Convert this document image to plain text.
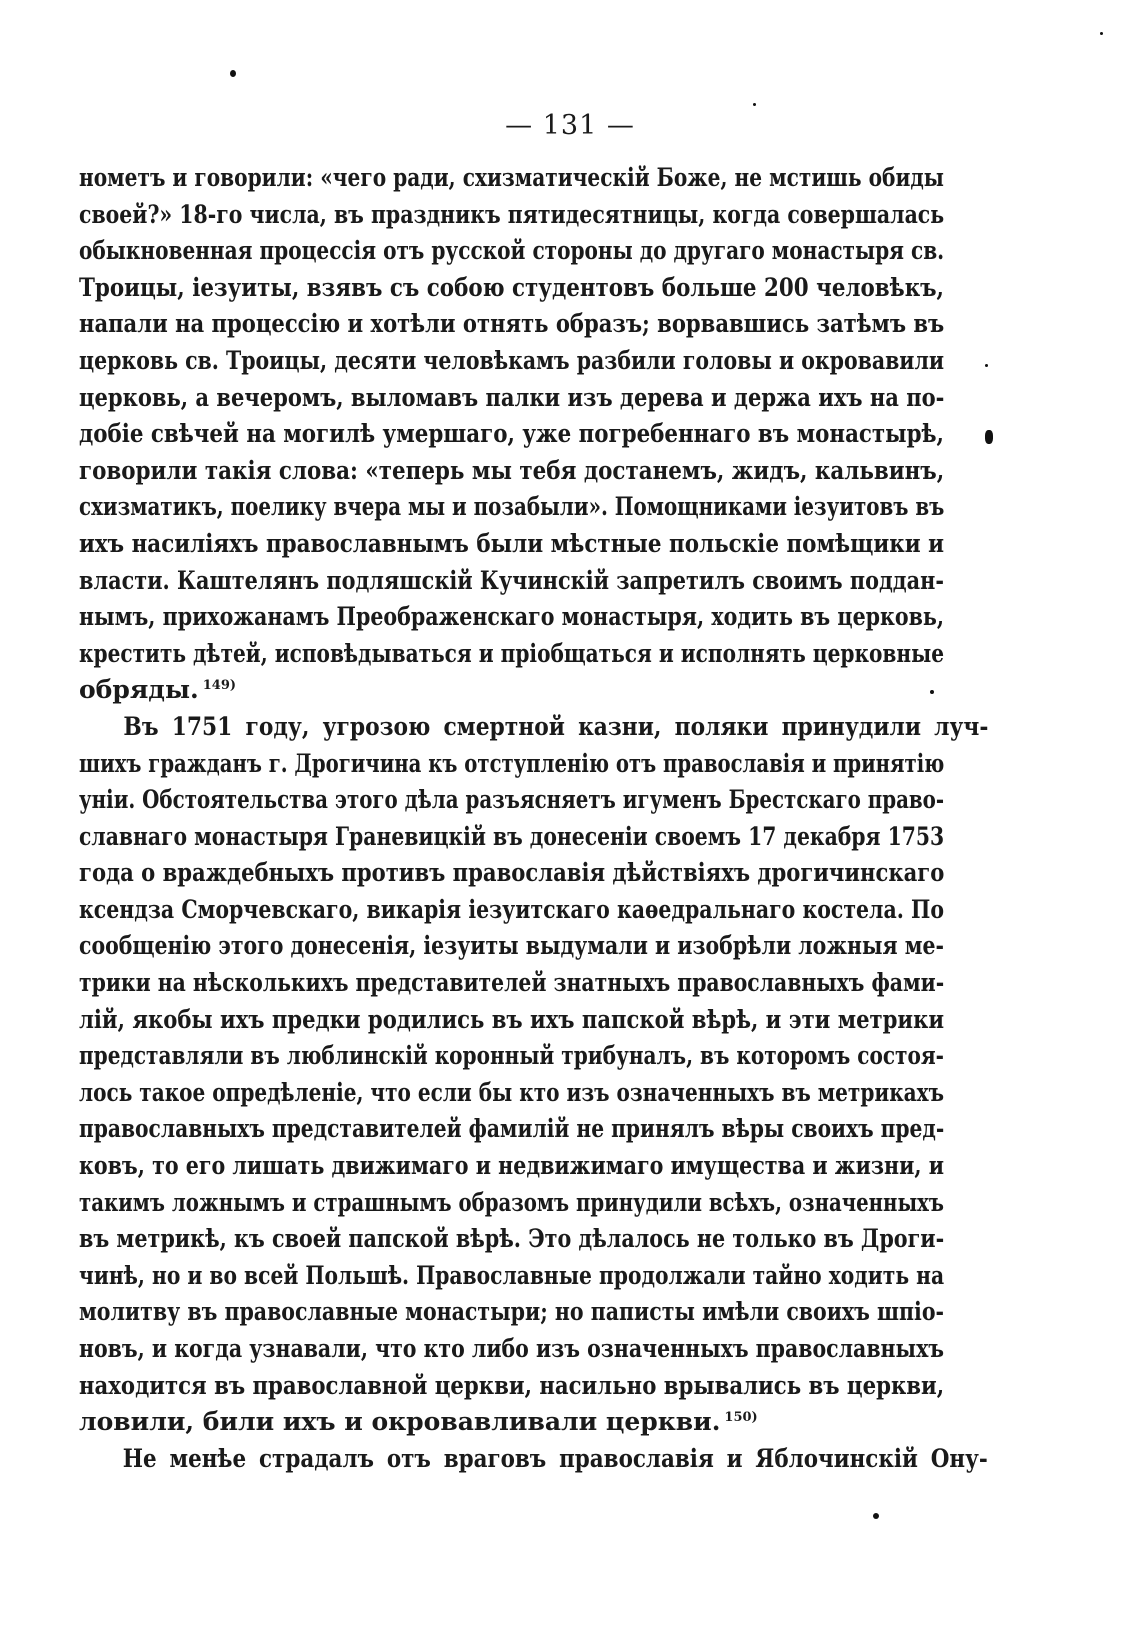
— 131 —
нометъ и говорили: «чего ради, схизматическій Боже, не мстишь обиды
своей?» 18-го числа, въ праздникъ пятидесятницы, когда совершалась
обыкновенная процессія отъ русской стороны до другаго монастыря св.
Троицы, іезуиты, взявъ съ собою студентовъ больше 200 человѣкъ,
напали на процессію и хотѣли отнять образъ; ворвавшись затѣмъ въ
церковь св. Троицы, десяти человѣкамъ разбили головы и окровавили
церковь, а вечеромъ, выломавъ палки изъ дерева и держа ихъ на по-
добіе свѣчей на могилѣ умершаго, уже погребеннаго въ монастырѣ,
говорили такія слова: «теперь мы тебя достанемъ, жидъ, кальвинъ,
схизматикъ, поелику вчера мы и позабыли». Помощниками іезуитовъ въ
ихъ насиліяхъ православнымъ были мѣстные польскіе помѣщики и
власти. Каштелянъ подляшскій Кучинскій запретилъ своимъ поддан-
нымъ, прихожанамъ Преображенскаго монастыря, ходить въ церковь,
крестить дѣтей, исповѣдываться и пріобщаться и исполнять церковные
обряды. $^{149)}$
Въ 1751 году, угрозою смертной казни, поляки принудили луч-
шихъ гражданъ г. Дрогичина къ отступленію отъ православія и принятію
уніи. Обстоятельства этого дѣла разъясняетъ игуменъ Брестскаго право-
славнаго монастыря Граневицкій въ донесеніи своемъ 17 декабря 1753
года о враждебныхъ противъ православія дѣйствіяхъ дрогичинскаго
ксендза Сморчевскаго, викарія іезуитскаго каѳедральнаго костела. По
сообщенію этого донесенія, іезуиты выдумали и изобрѣли ложныя ме-
трики на нѣсколькихъ представителей знатныхъ православныхъ фами-
лій, якобы ихъ предки родились въ ихъ папской вѣрѣ, и эти метрики
представляли въ люблинскій коронный трибуналъ, въ которомъ состоя-
лось такое опредѣленіе, что если бы кто изъ означенныхъ въ метрикахъ
православныхъ представителей фамилій не принялъ вѣры своихъ пред-
ковъ, то его лишать движимаго и недвижимаго имущества и жизни, и
такимъ ложнымъ и страшнымъ образомъ принудили всѣхъ, означенныхъ
въ метрикѣ, къ своей папской вѣрѣ. Это дѣлалось не только въ Дроги-
чинѣ, но и во всей Польшѣ. Православные продолжали тайно ходить на
молитву въ православные монастыри; но паписты имѣли своихъ шпіо-
новъ, и когда узнавали, что кто либо изъ означенныхъ православныхъ
находится въ православной церкви, насильно врывались въ церкви,
ловили, били ихъ и окровавливали церкви. $^{150)}$
Не менѣе страдалъ отъ враговъ православія и Яблочинскій Ону-
